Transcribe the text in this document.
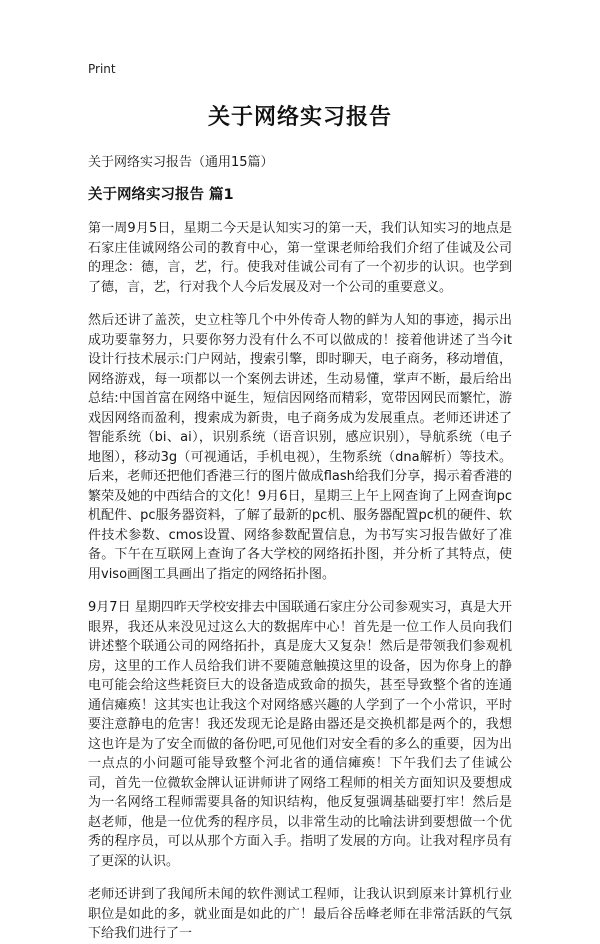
Print
关于网络实习报告

关于网络实习报告（通用15篇）

关于网络实习报告 篇1

第一周9月5日，星期二今天是认知实习的第一天，我们认知实习的地点是石家庄佳诚网络公司的教育中心，第一堂课老师给我们介绍了佳诚及公司的理念：德，言，艺，行。使我对佳诚公司有了一个初步的认识。也学到了德，言，艺，行对我个人今后发展及对一个公司的重要意义。

然后还讲了盖茨，史立柱等几个中外传奇人物的鲜为人知的事迹，揭示出成功要靠努力，只要你努力没有什么不可以做成的！接着他讲述了当今it设计行技术展示:门户网站，搜索引擎，即时聊天，电子商务，移动增值，网络游戏，每一项都以一个案例去讲述，生动易懂，掌声不断，最后给出总结:中国首富在网络中诞生，短信因网络而精彩，宽带因网民而繁忙，游戏因网络而盈利，搜索成为新贵，电子商务成为发展重点。老师还讲述了智能系统（bi、ai），识别系统（语音识别，感应识别），导航系统（电子地图），移动3g（可视通话，手机电视），生物系统（dna解析）等技术。后来，老师还把他们香港三行的图片做成flash给我们分享，揭示着香港的繁荣及她的中西结合的文化！9月6日，星期三上午上网查询了上网查询pc机配件、pc服务器资料，了解了最新的pc机、服务器配置pc机的硬件、软件技术参数、cmos设置、网络参数配置信息，为书写实习报告做好了准备。下午在互联网上查询了各大学校的网络拓扑图，并分析了其特点，使用viso画图工具画出了指定的网络拓扑图。

9月7日 星期四昨天学校安排去中国联通石家庄分公司参观实习，真是大开眼界，我还从来没见过这么大的数据库中心！首先是一位工作人员向我们讲述整个联通公司的网络拓扑，真是庞大又复杂！然后是带领我们参观机房，这里的工作人员给我们讲不要随意触摸这里的设备，因为你身上的静电可能会给这些耗资巨大的设备造成致命的损失，甚至导致整个省的连通通信瘫痪！这其实也让我这个对网络感兴趣的人学到了一个小常识，平时要注意静电的危害！我还发现无论是路由器还是交换机都是两个的，我想这也许是为了安全而做的备份吧,可见他们对安全看的多么的重要，因为出一点点的小问题可能导致整个河北省的通信瘫痪！下午我们去了佳诚公司，首先一位微软金牌认证讲师讲了网络工程师的相关方面知识及要想成为一名网络工程师需要具备的知识结构，他反复强调基础要打牢！然后是赵老师，他是一位优秀的程序员，以非常生动的比喻法讲到要想做一个优秀的程序员，可以从那个方面入手。指明了发展的方向。让我对程序员有了更深的认识。

老师还讲到了我闻所未闻的软件测试工程师，让我认识到原来计算机行业职位是如此的多，就业面是如此的广！最后谷岳峰老师在非常活跃的气氛下给我们进行了一
